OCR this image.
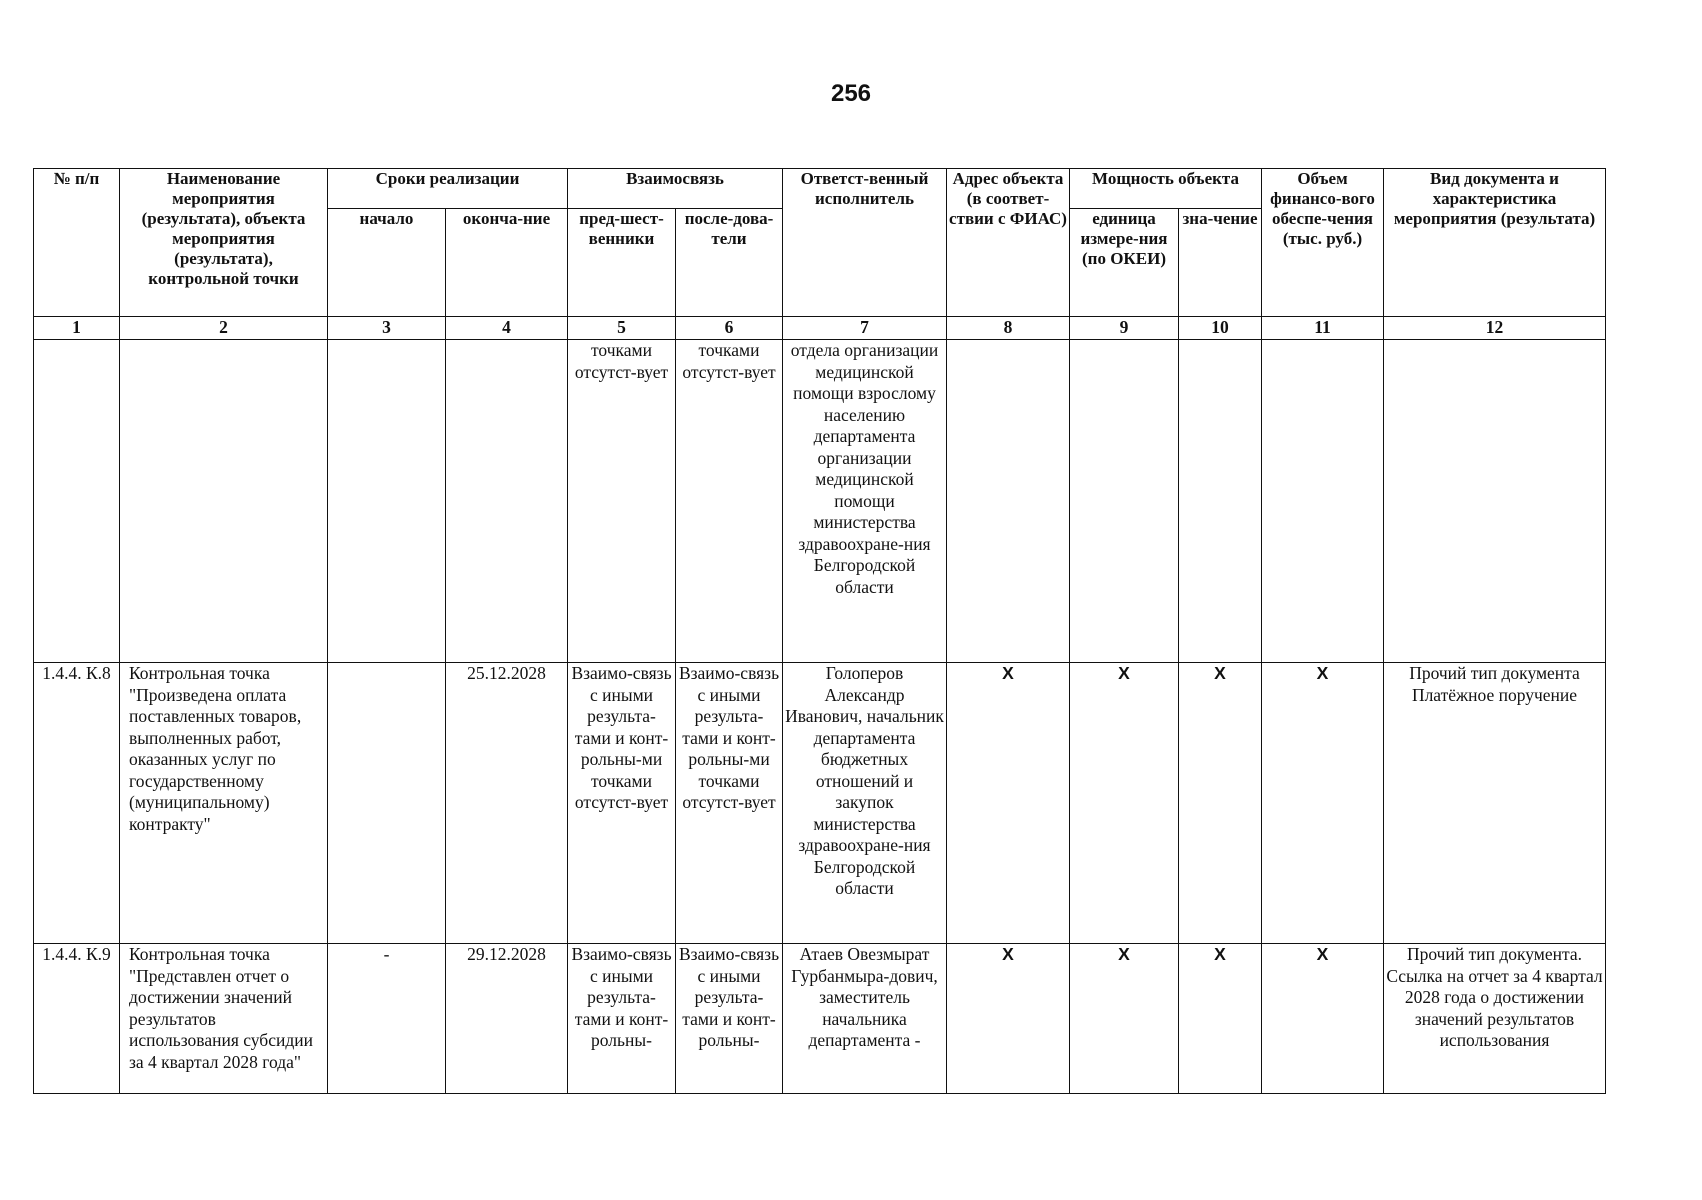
256
№ п/п	Наименование мероприятия (результата), объекта мероприятия (результата), контрольной точки	Сроки реализации		Взаимосвязь		Ответст-венный исполнитель	Адрес объекта (в соответ-ствии с ФИАС)	Мощность объекта		Объем финансо-вого обеспе-чения (тыс. руб.)	Вид документа и характеристика мероприятия (результата)
		начало	оконча-ние	пред-шест-венники	после-дова-тели			единица измере-ния (по ОКЕИ)	зна-чение		
1	2	3	4	5	6	7	8	9	10	11	12
				точками отсутст-вует	точками отсутст-вует	отдела организации медицинской помощи взрослому населению департамента организации медицинской помощи министерства здравоохране-ния Белгородской области					
1.4.4. К.8	Контрольная точка "Произведена оплата поставленных товаров, выполненных работ, оказанных услуг по государственному (муниципальному) контракту"		25.12.2028	Взаимо-связь с иными результа-тами и конт-рольны-ми точками отсутст-вует	Взаимо-связь с иными результа-тами и конт-рольны-ми точками отсутст-вует	Голоперов Александр Иванович, начальник департамента бюджетных отношений и закупок министерства здравоохране-ния Белгородской области	Х	Х	Х	Х	Прочий тип документа Платёжное поручение
1.4.4. К.9	Контрольная точка "Представлен отчет о достижении значений результатов использования субсидии за 4 квартал 2028 года"	-	29.12.2028	Взаимо-связь с иными результа-тами и конт-рольны-	Взаимо-связь с иными результа-тами и конт-рольны-	Атаев Овезмырат Гурбанмыра-дович, заместитель начальника департамента -	Х	Х	Х	Х	Прочий тип документа. Ссылка на отчет за 4 квартал 2028 года о достижении значений результатов использования
